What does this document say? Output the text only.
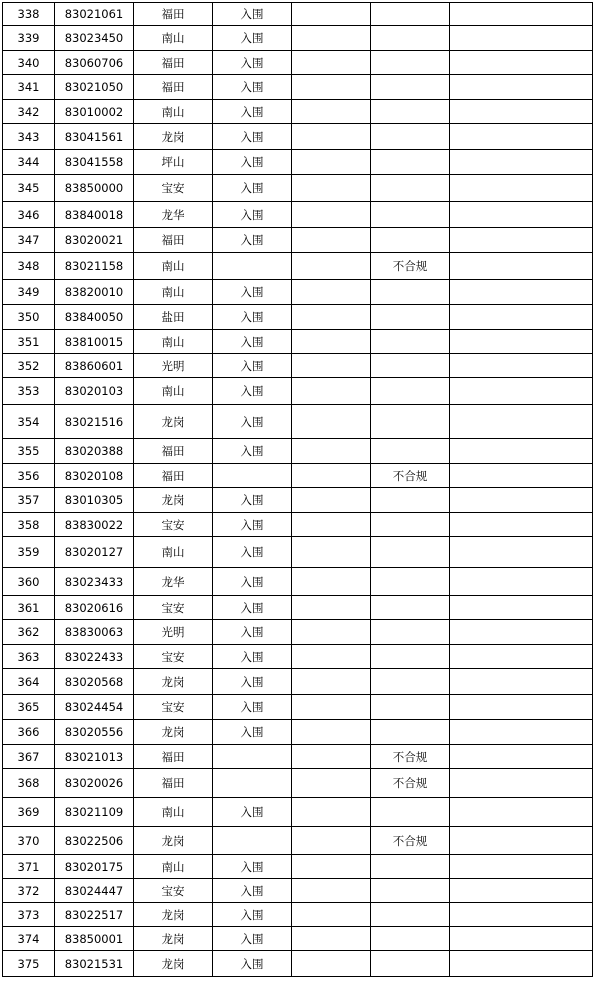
338	83021061	福田	入围			
339	83023450	南山	入围			
340	83060706	福田	入围			
341	83021050	福田	入围			
342	83010002	南山	入围			
343	83041561	龙岗	入围			
344	83041558	坪山	入围			
345	83850000	宝安	入围			
346	83840018	龙华	入围			
347	83020021	福田	入围			
348	83021158	南山			不合规	
349	83820010	南山	入围			
350	83840050	盐田	入围			
351	83810015	南山	入围			
352	83860601	光明	入围			
353	83020103	南山	入围			
354	83021516	龙岗	入围			
355	83020388	福田	入围			
356	83020108	福田			不合规	
357	83010305	龙岗	入围			
358	83830022	宝安	入围			
359	83020127	南山	入围			
360	83023433	龙华	入围			
361	83020616	宝安	入围			
362	83830063	光明	入围			
363	83022433	宝安	入围			
364	83020568	龙岗	入围			
365	83024454	宝安	入围			
366	83020556	龙岗	入围			
367	83021013	福田			不合规	
368	83020026	福田			不合规	
369	83021109	南山	入围			
370	83022506	龙岗			不合规	
371	83020175	南山	入围			
372	83024447	宝安	入围			
373	83022517	龙岗	入围			
374	83850001	龙岗	入围			
375	83021531	龙岗	入围			
